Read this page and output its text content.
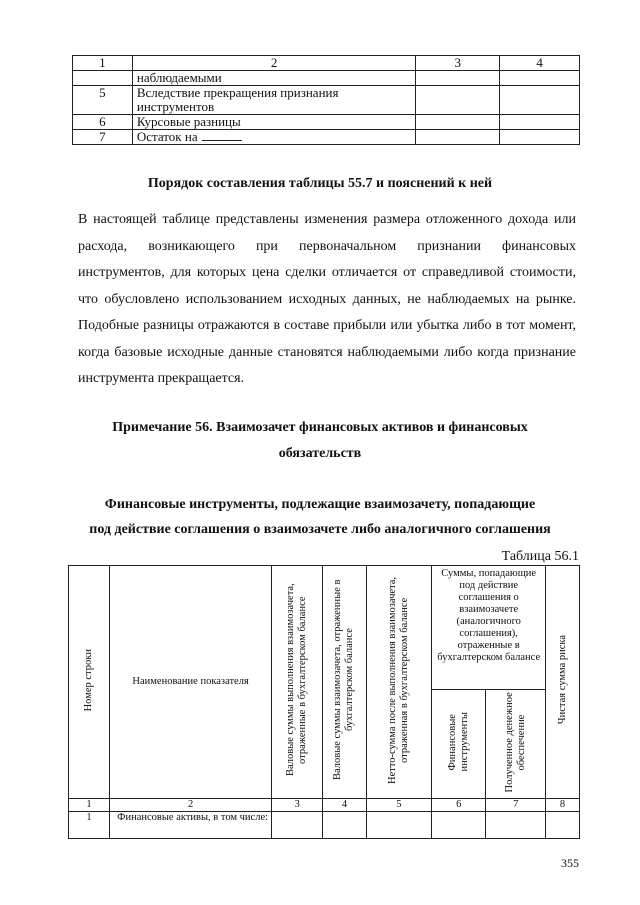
1	2	3	4
	наблюдаемыми		
5	Вследствие прекращения признания инструментов		
6	Курсовые разницы		
7	Остаток на		
Порядок составления таблицы 55.7 и пояснений к ней

В настоящей таблице представлены изменения размера отложенного дохода или расхода, возникающего при первоначальном признании финансовых инструментов, для которых цена сделки отличается от справедливой стоимости, что обусловлено использованием исходных данных, не наблюдаемых на рынке. Подобные разницы отражаются в составе прибыли или убытка либо в тот момент, когда базовые исходные данные становятся наблюдаемыми либо когда признание инструмента прекращается.

Примечание 56. Взаимозачет финансовых активов и финансовых
обязательств
Финансовые инструменты, подлежащие взаимозачету, попадающие
под действие соглашения о взаимозачете либо аналогичного соглашения
Таблица 56.1
Номер строки	Наименование показателя	Валовые суммы выполнения взаимозачета, отраженные в бухгалтерском балансе	Валовые суммы взаимозачета, отраженные в бухгалтерском балансе	Нетто-сумма после выполнения взаимозачета, отраженная в бухгалтерском балансе	Суммы, попадающие под действие соглашения о взаимозачете (аналогичного соглашения), отраженные в бухгалтерском балансе		Чистая сумма риска
					Финансовые инструменты	Полученное денежное обеспечение	
1	2	3	4	5	6	7	8
1	Финансовые активы, в том числе:						
355
